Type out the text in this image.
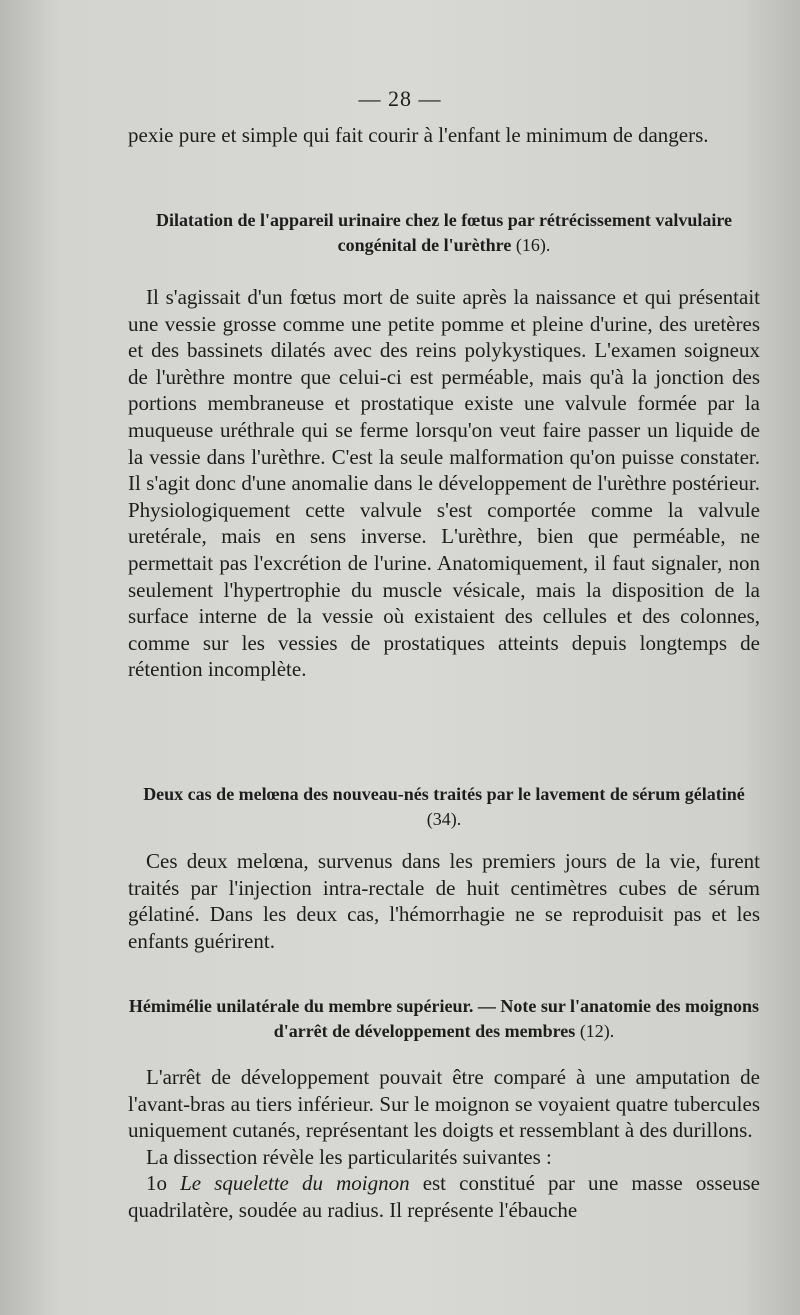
— 28 —

pexie pure et simple qui fait courir à l'enfant le minimum de dangers.

Dilatation de l'appareil urinaire chez le fœtus par rétrécissement valvulaire congénital de l'urèthre (16).

Il s'agissait d'un fœtus mort de suite après la naissance et qui présentait une vessie grosse comme une petite pomme et pleine d'urine, des uretères et des bassinets dilatés avec des reins polykystiques. L'examen soigneux de l'urèthre montre que celui-ci est perméable, mais qu'à la jonction des portions membraneuse et prostatique existe une valvule formée par la muqueuse uréthrale qui se ferme lorsqu'on veut faire passer un liquide de la vessie dans l'urèthre. C'est la seule malformation qu'on puisse constater. Il s'agit donc d'une anomalie dans le développement de l'urèthre postérieur. Physiologiquement cette valvule s'est comportée comme la valvule uretérale, mais en sens inverse. L'urèthre, bien que perméable, ne permettait pas l'excrétion de l'urine. Anatomiquement, il faut signaler, non seulement l'hypertrophie du muscle vésicale, mais la disposition de la surface interne de la vessie où existaient des cellules et des colonnes, comme sur les vessies de prostatiques atteints depuis longtemps de rétention incomplète.

Deux cas de melœna des nouveau-nés traités par le lavement de sérum gélatiné (34).

Ces deux melœna, survenus dans les premiers jours de la vie, furent traités par l'injection intra-rectale de huit centimètres cubes de sérum gélatiné. Dans les deux cas, l'hémorrhagie ne se reproduisit pas et les enfants guérirent.

Hémimélie unilatérale du membre supérieur. — Note sur l'anatomie des moignons d'arrêt de développement des membres (12).

L'arrêt de développement pouvait être comparé à une amputation de l'avant-bras au tiers inférieur. Sur le moignon se voyaient quatre tubercules uniquement cutanés, représentant les doigts et ressemblant à des durillons.

La dissection révèle les particularités suivantes :

1o Le squelette du moignon est constitué par une masse osseuse quadrilatère, soudée au radius. Il représente l'ébauche
